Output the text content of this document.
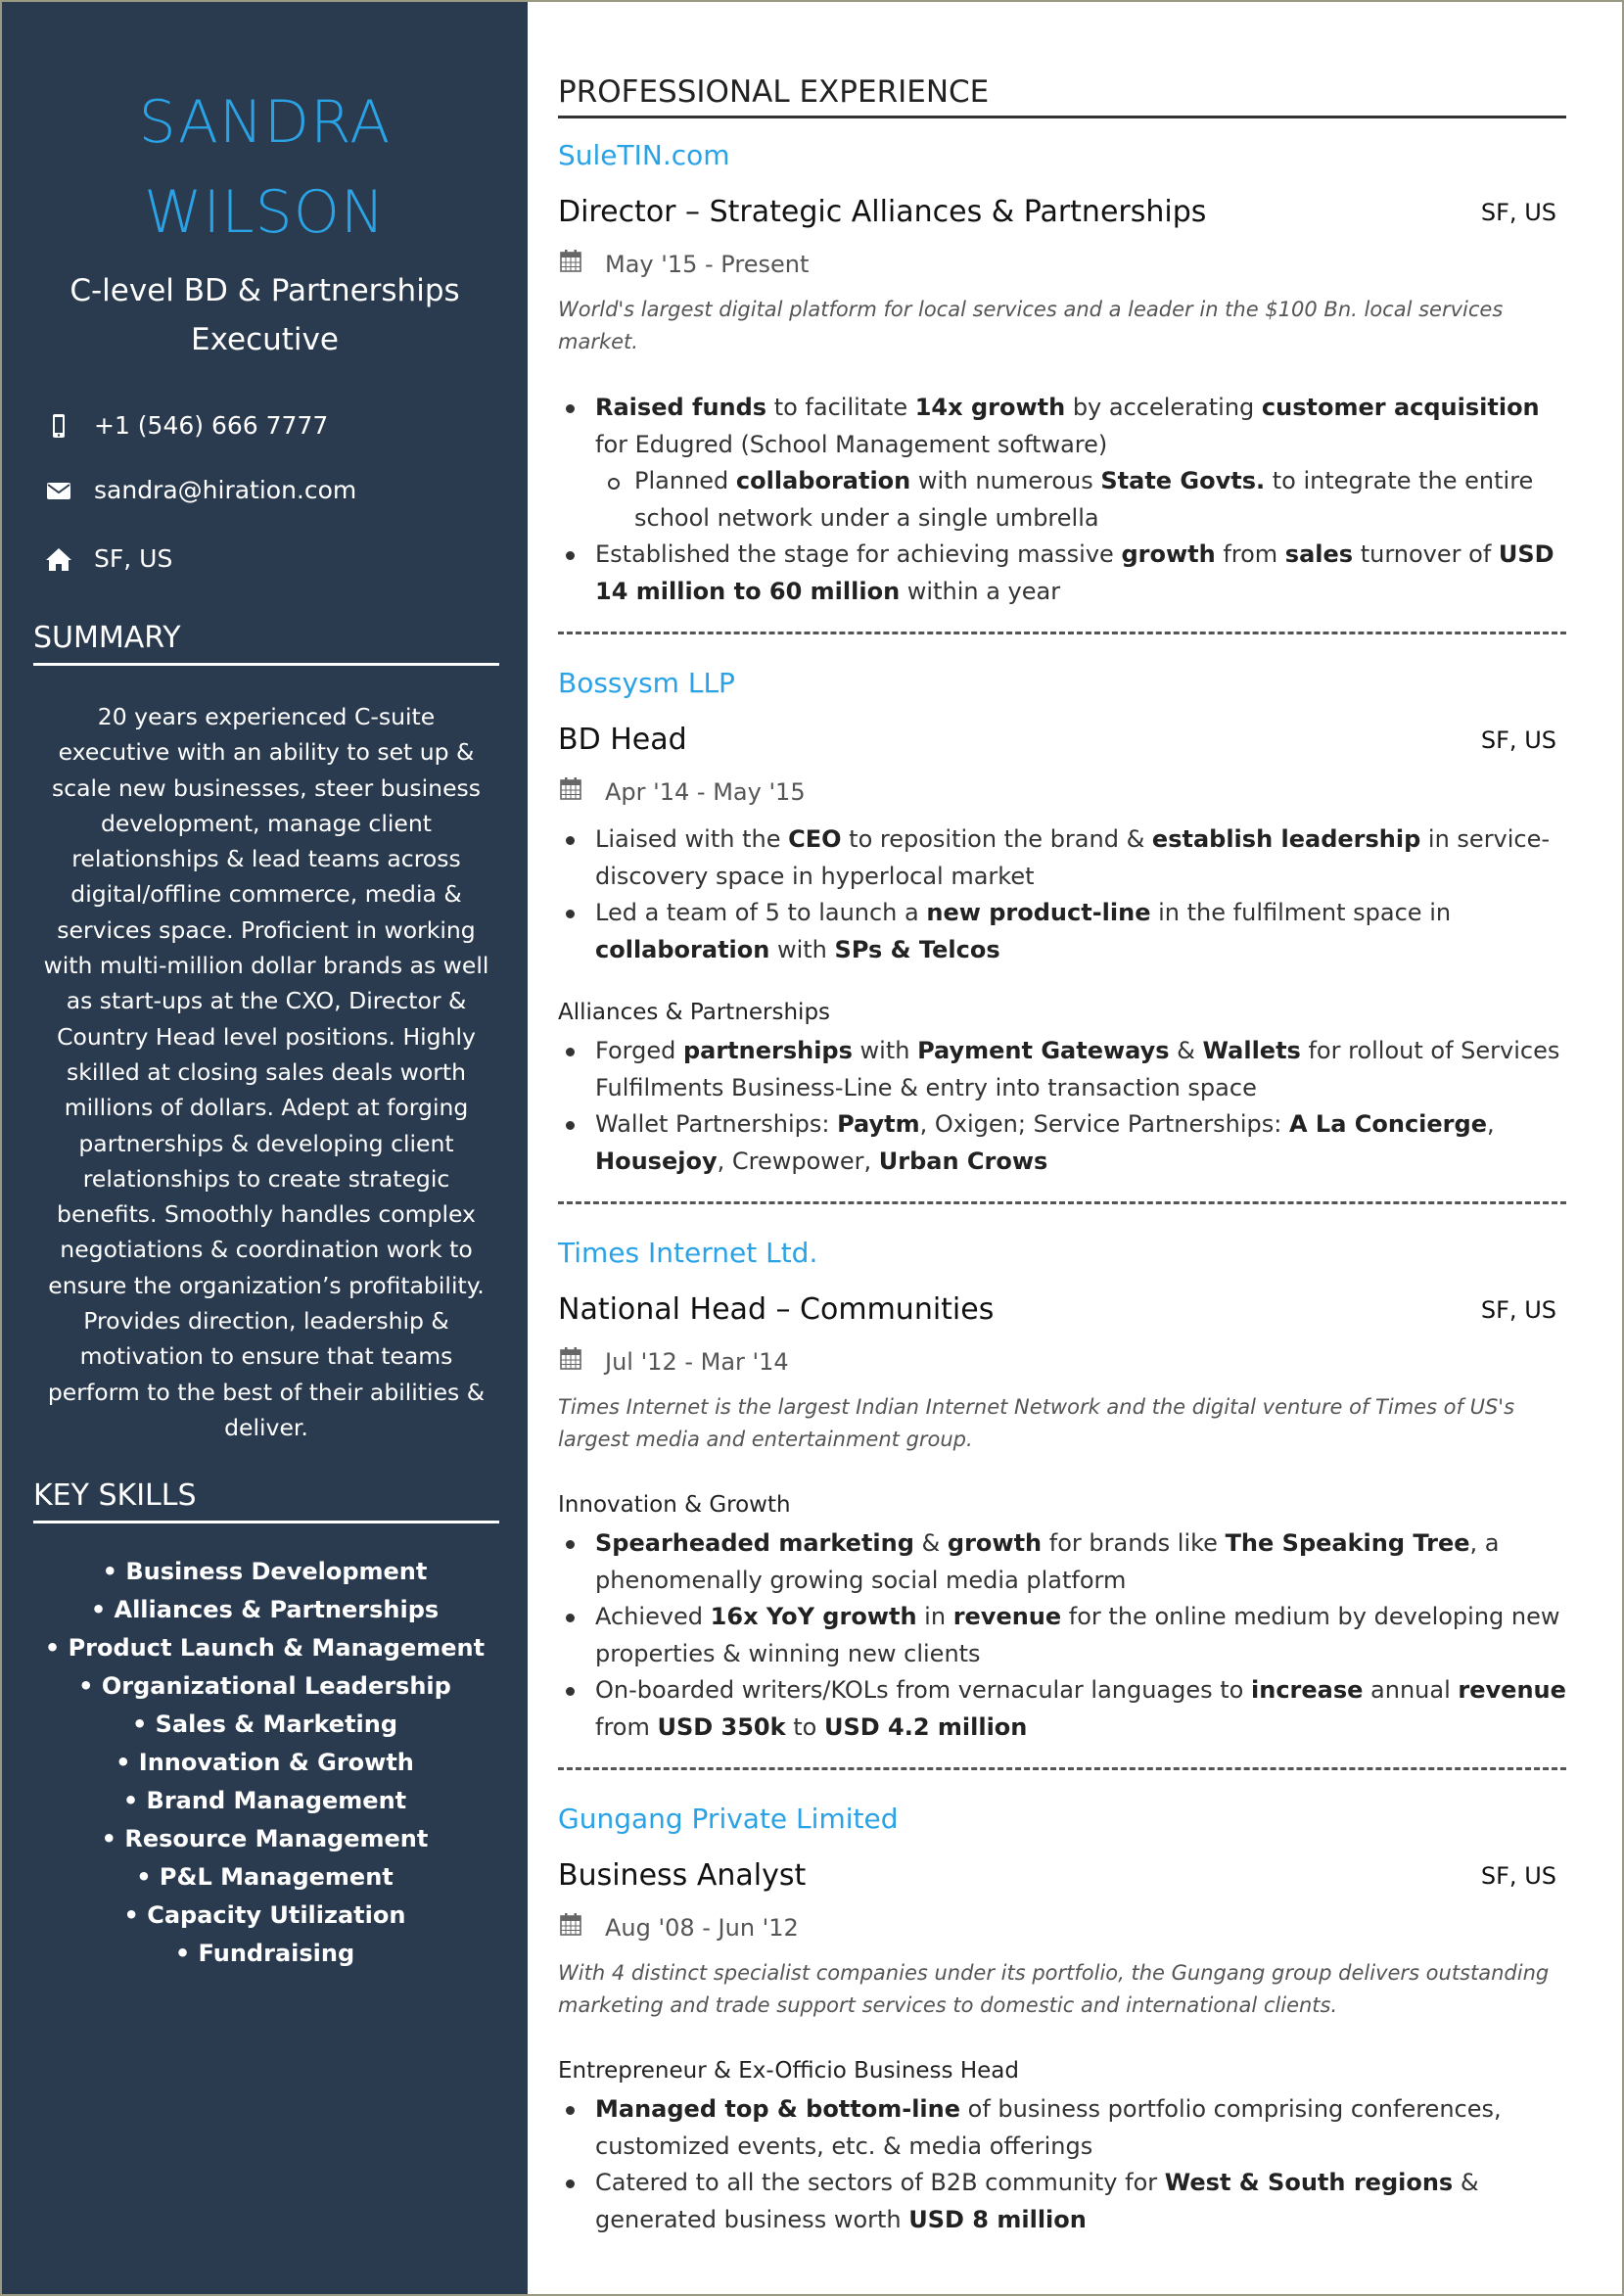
SANDRA
WILSON
C-level BD & Partnerships
Executive
+1 (546) 666 7777
sandra@hiration.com
SF, US
SUMMARY

20 years experienced C-suite executive with an ability to set up & scale new businesses, steer business development, manage client relationships & lead teams across digital/offline commerce, media & services space. Proficient in working with multi-million dollar brands as well as start-ups at the CXO, Director & Country Head level positions. Highly skilled at closing sales deals worth millions of dollars. Adept at forging partnerships & developing client relationships to create strategic benefits. Smoothly handles complex negotiations & coordination work to ensure the organization’s profitability. Provides direction, leadership & motivation to ensure that teams perform to the best of their abilities & deliver.

KEY SKILLS
• Business Development
• Alliances & Partnerships
• Product Launch & Management
• Organizational Leadership
• Sales & Marketing
• Innovation & Growth
• Brand Management
• Resource Management
• P&L Management
• Capacity Utilization
• Fundraising
PROFESSIONAL EXPERIENCE
SuleTIN.com
Director – Strategic Alliances & Partnerships	SF, US
May '15 - Present
World's largest digital platform for local services and a leader in the $100 Bn. local services market.
Raised funds to facilitate 14x growth by accelerating customer acquisition for Edugred (School Management software)
Planned collaboration with numerous State Govts. to integrate the entire school network under a single umbrella
Established the stage for achieving massive growth from sales turnover of USD 14 million to 60 million within a year
Bossysm LLP
BD Head	SF, US
Apr '14 - May '15
Liaised with the CEO to reposition the brand & establish leadership in service-discovery space in hyperlocal market
Led a team of 5 to launch a new product-line in the fulfilment space in collaboration with SPs & Telcos
Alliances & Partnerships
Forged partnerships with Payment Gateways & Wallets for rollout of Services Fulfilments Business-Line & entry into transaction space
Wallet Partnerships: Paytm, Oxigen; Service Partnerships: A La Concierge, Housejoy, Crewpower, Urban Crows
Times Internet Ltd.
National Head – Communities	SF, US
Jul '12 - Mar '14
Times Internet is the largest Indian Internet Network and the digital venture of Times of US's largest media and entertainment group.
Innovation & Growth
Spearheaded marketing & growth for brands like The Speaking Tree, a phenomenally growing social media platform
Achieved 16x YoY growth in revenue for the online medium by developing new properties & winning new clients
On-boarded writers/KOLs from vernacular languages to increase annual revenue from USD 350k to USD 4.2 million
Gungang Private Limited
Business Analyst	SF, US
Aug '08 - Jun '12
With 4 distinct specialist companies under its portfolio, the Gungang group delivers outstanding marketing and trade support services to domestic and international clients.
Entrepreneur & Ex-Officio Business Head
Managed top & bottom-line of business portfolio comprising conferences, customized events, etc. & media offerings
Catered to all the sectors of B2B community for West & South regions & generated business worth USD 8 million
